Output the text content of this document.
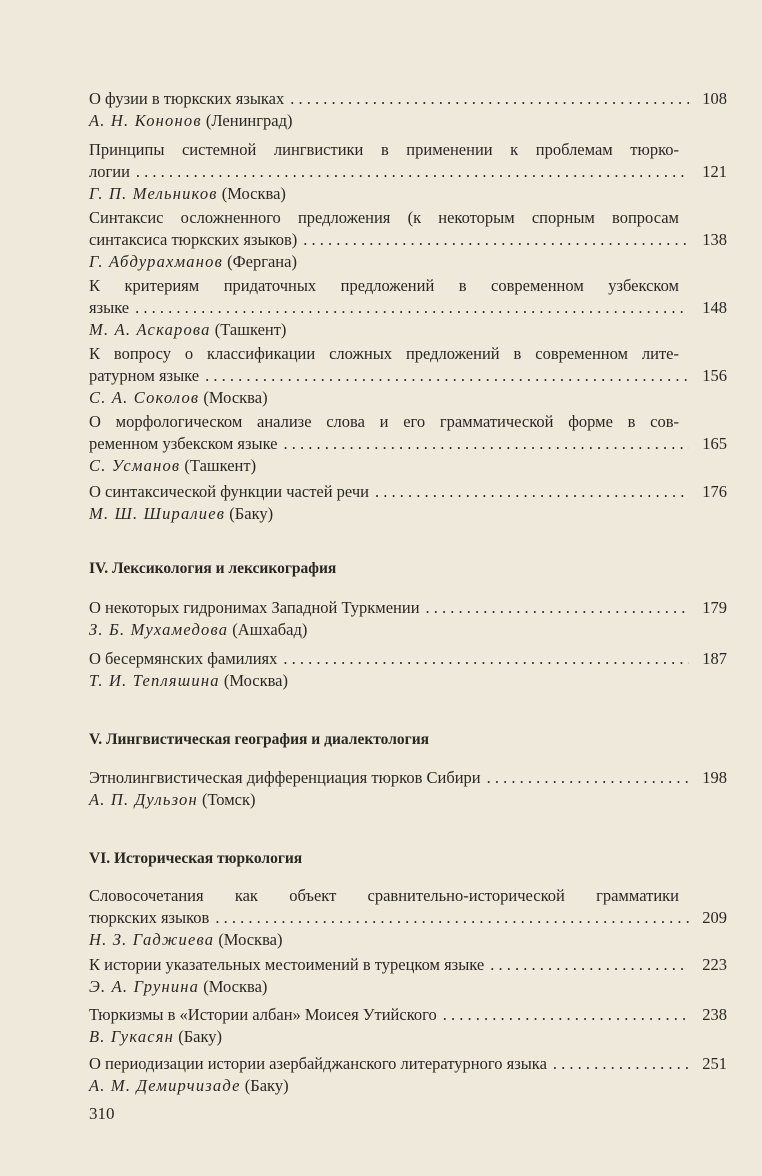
О фузии в тюркских языках . . .	108
А. Н. Кононов (Ленинград)
Принципы системной лингвистики в применении к проблемам тюрко-
логии . . .	121
Г. П. Мельников (Москва)
Синтаксис осложненного предложения (к некоторым спорным вопросам
синтаксиса тюркских языков) . . .	138
Г. Абдурахманов (Фергана)
К критериям придаточных предложений в современном узбекском
языке . . .	148
М. А. Аскарова (Ташкент)
К вопросу о классификации сложных предложений в современном лите-
ратурном языке . . .	156
С. А. Соколов (Москва)
О морфологическом анализе слова и его грамматической форме в сов-
ременном узбекском языке . . .	165
С. Усманов (Ташкент)
О синтаксической функции частей речи . . .	176
М. Ш. Ширалиев (Баку)
О некоторых гидронимах Западной Туркмении . . .	179
З. Б. Мухамедова (Ашхабад)
О бесермянских фамилиях . . .	187
Т. И. Тепляшина (Москва)
Этнолингвистическая дифференциация тюрков Сибири . . .	198
А. П. Дульзон (Томск)
Словосочетания как объект сравнительно-исторической грамматики
тюркских языков . . .	209
Н. З. Гаджиева (Москва)
К истории указательных местоимений в турецком языке . . .	223
Э. А. Грунина (Москва)
Тюркизмы в «Истории албан» Моисея Утийского . . .	238
В. Гукасян (Баку)
О периодизации истории азербайджанского литературного языка . . .	251
А. М. Демирчизаде (Баку)
IV. Лексикология и лексикография
V. Лингвистическая география и диалектология
VI. Историческая тюркология
310
